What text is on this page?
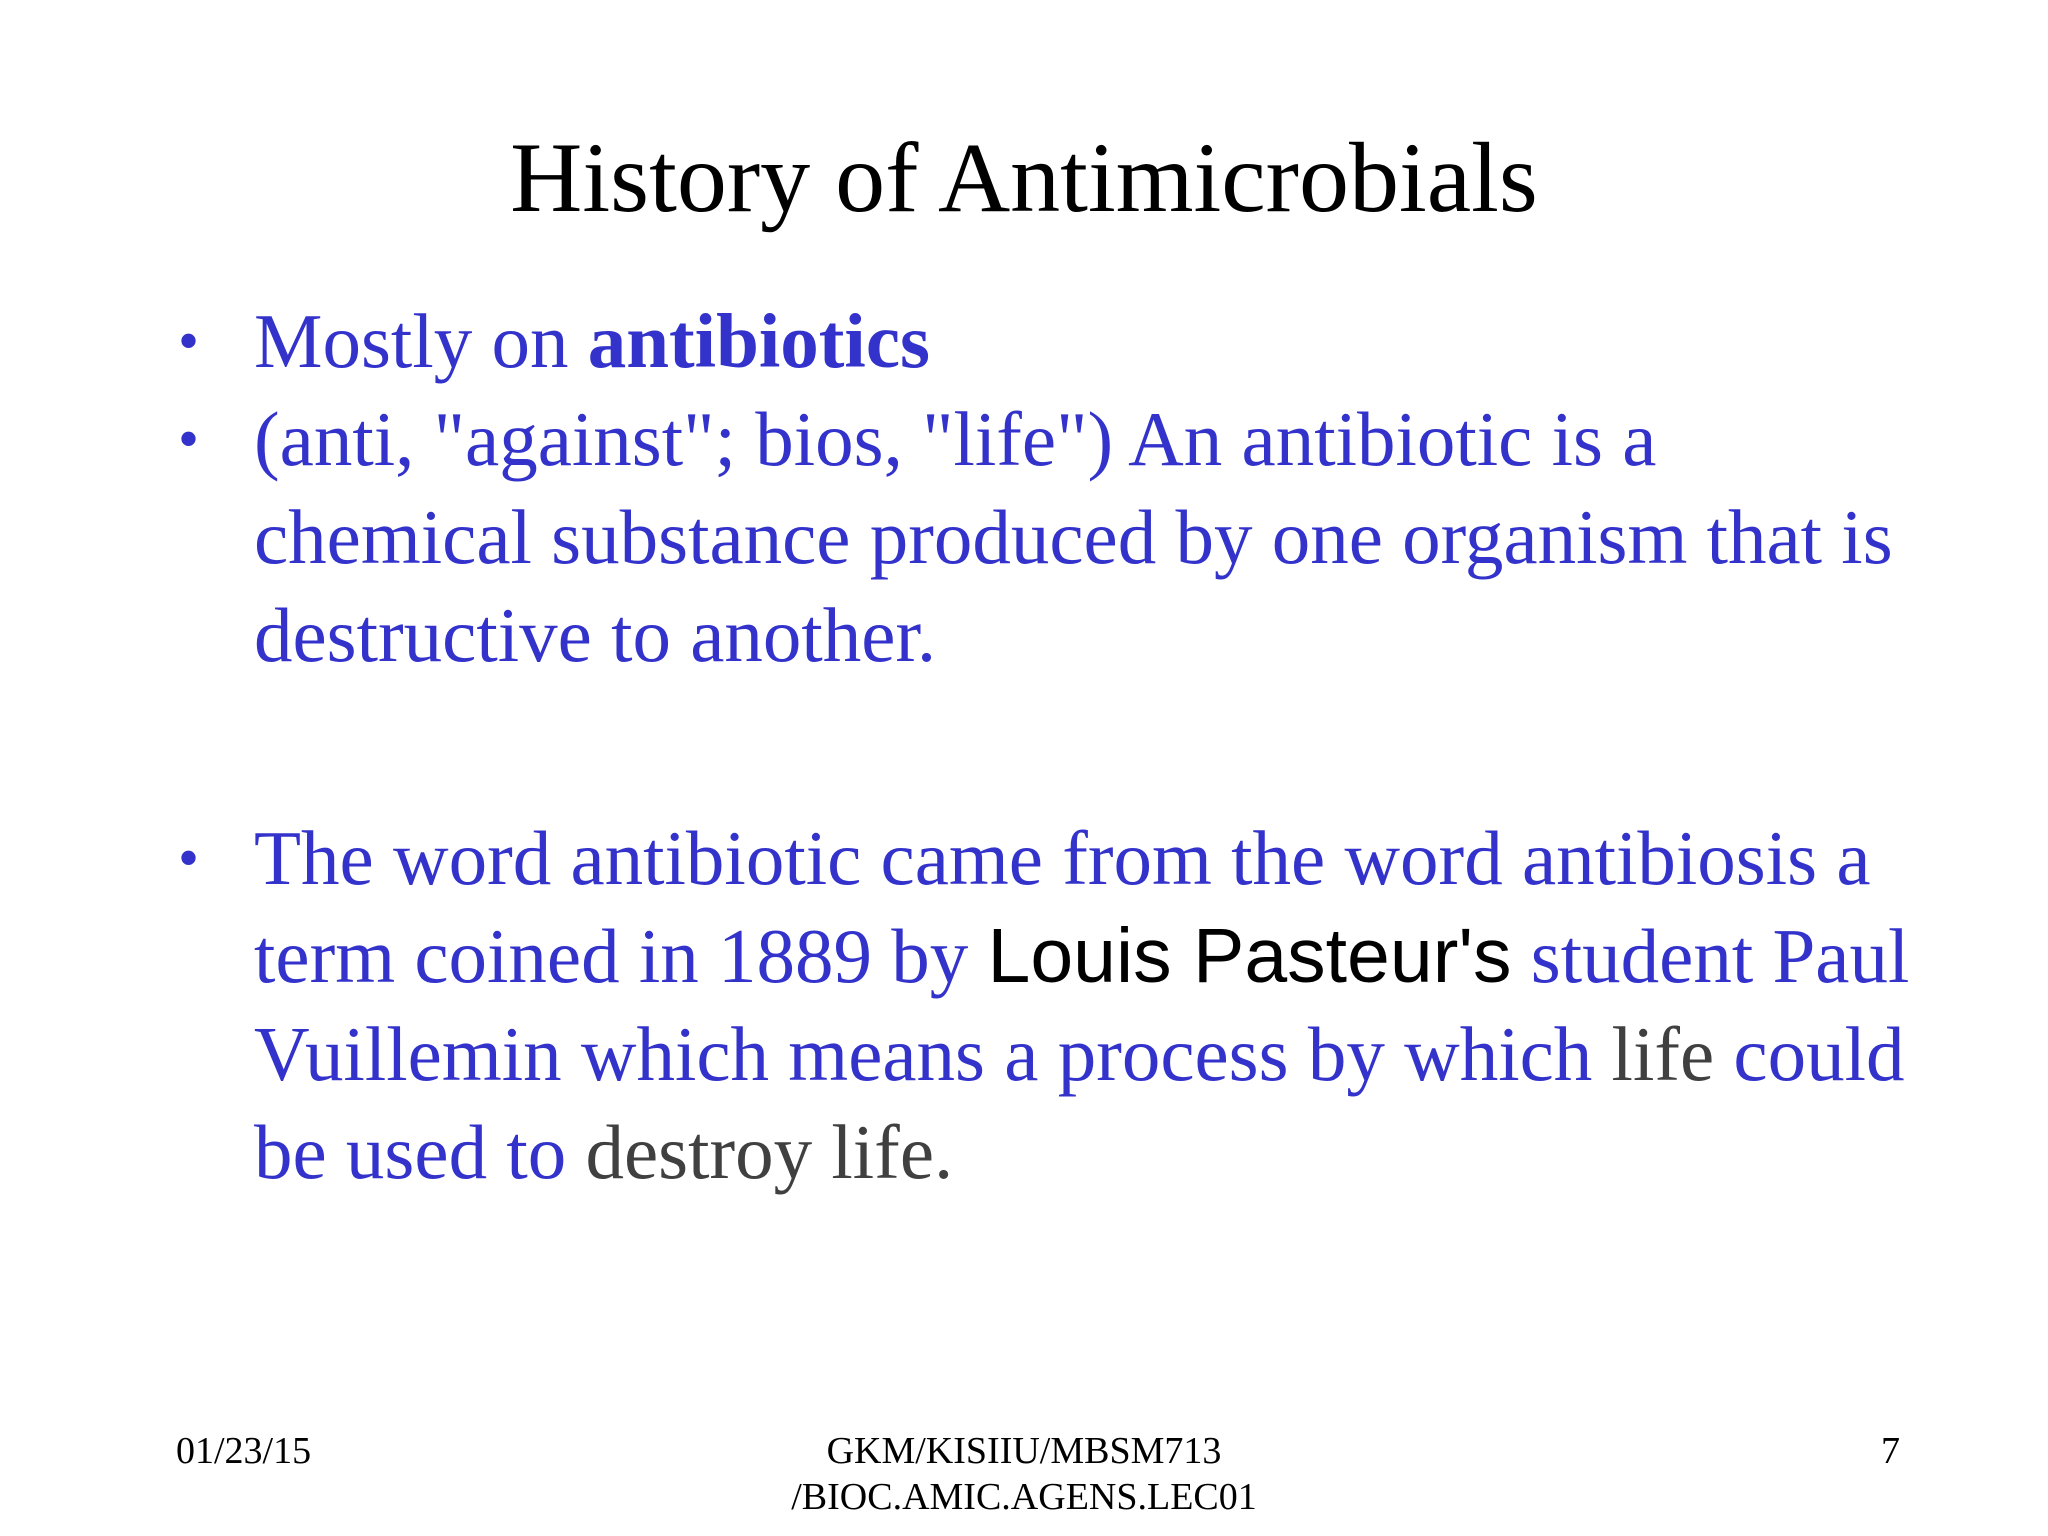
History of Antimicrobials
• Mostly on antibiotics
• (anti, "against"; bios, "life") An antibiotic is a chemical substance produced by one organism that is destructive to another.
• The word antibiotic came from the word antibiosis a term coined in 1889 by Louis Pasteur's student Paul Vuillemin which means a process by which life could be used to destroy life.
01/23/15	GKM/KISIIU/MBSM713
/BIOC.AMIC.AGENS.LEC01
7
